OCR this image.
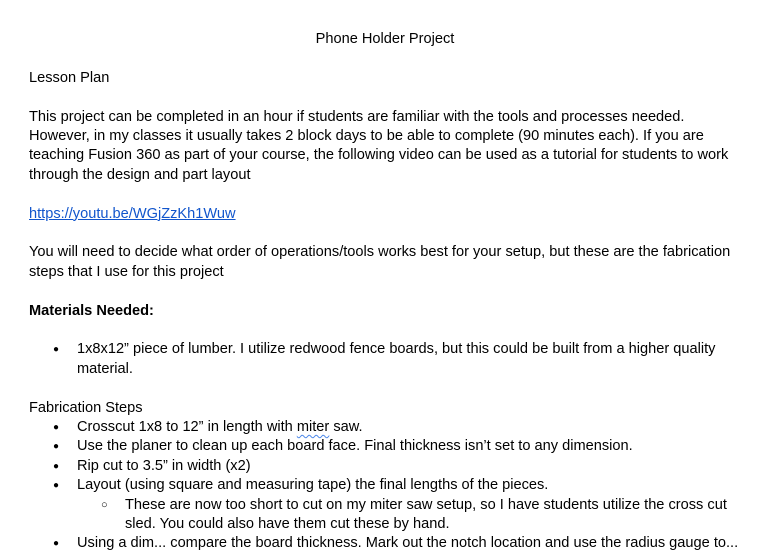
Phone Holder Project

Lesson Plan

This project can be completed in an hour if students are familiar with the tools and processes needed. However, in my classes it usually takes 2 block days to be able to complete (90 minutes each). If you are teaching Fusion 360 as part of your course, the following video can be used as a tutorial for students to work through the design and part layout

https://youtu.be/WGjZzKh1Wuw

You will need to decide what order of operations/tools works best for your setup, but these are the fabrication steps that I use for this project

Materials Needed:

● 1x8x12” piece of lumber. I utilize redwood fence boards, but this could be built from a higher quality material.

Fabrication Steps

● Crosscut 1x8 to 12” in length with miter saw.
● Use the planer to clean up each board face. Final thickness isn’t set to any dimension.
● Rip cut to 3.5” in width (x2)
● Layout (using square and measuring tape) the final lengths of the pieces.
○ These are now too short to cut on my miter saw setup, so I have students utilize the cross cut sled. You could also have them cut these by hand.
● Using a dim... compare the board thickness. Mark out the notch location and use the radius gauge to...
